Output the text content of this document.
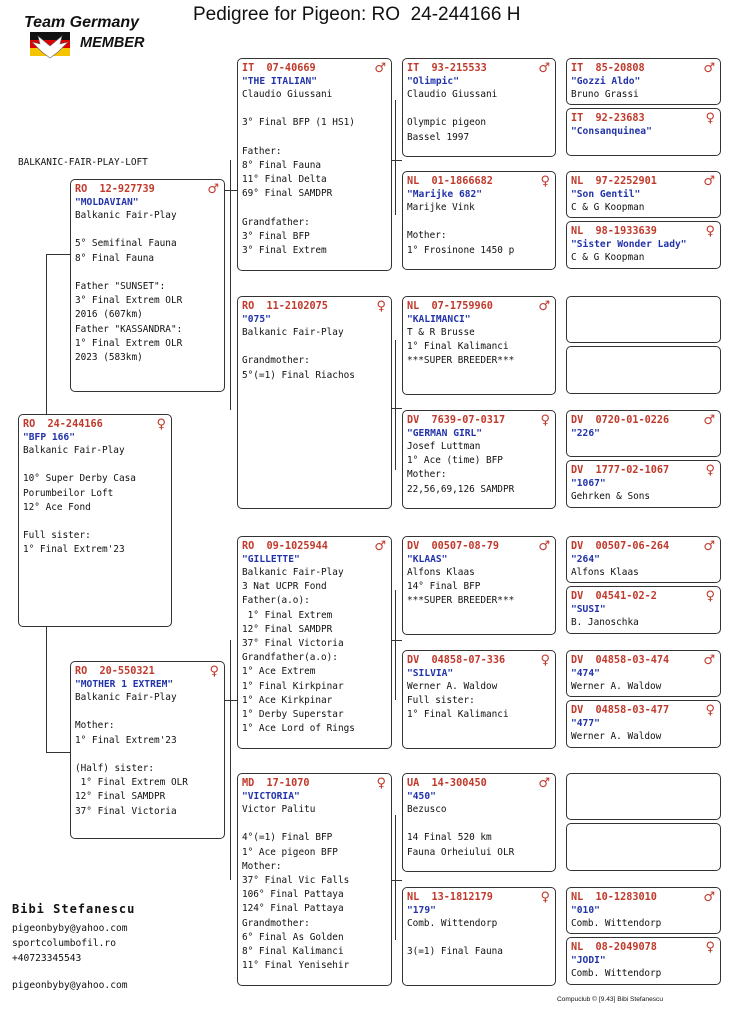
Team Germany
MEMBER
Pedigree for Pigeon: RO  24-244166 H
BALKANIC-FAIR-PLAY-LOFT
RO  24-244166	♀
"BFP 166"
Balkanic Fair-Play

10° Super Derby Casa
Porumbeilor Loft
12° Ace Fond

Full sister:
1° Final Extrem'23
RO  12-927739	♂
"MOLDAVIAN"
Balkanic Fair-Play

5° Semifinal Fauna
8° Final Fauna

Father "SUNSET":
3° Final Extrem OLR
2016 (607km)
Father "KASSANDRA":
1° Final Extrem OLR
2023 (583km)
RO  20-550321	♀
"MOTHER 1 EXTREM"
Balkanic Fair-Play

Mother:
1° Final Extrem'23

(Half) sister:
1° Final Extrem OLR
12° Final SAMDPR
37° Final Victoria
IT  07-40669	♂
"THE ITALIAN"
Claudio Giussani

3° Final BFP (1 HS1)

Father:
8° Final Fauna
11° Final Delta
69° Final SAMDPR

Grandfather:
3° Final BFP
3° Final Extrem
RO  11-2102075	♀
"075"
Balkanic Fair-Play

Grandmother:
5°(=1) Final Riachos
RO  09-1025944	♂
"GILLETTE"
Balkanic Fair-Play
3 Nat UCPR Fond
Father(a.o):
1° Final Extrem
12° Final SAMDPR
37° Final Victoria
Grandfather(a.o):
1° Ace Extrem
1° Final Kirkpinar
1° Ace Kirkpinar
1° Derby Superstar
1° Ace Lord of Rings
MD  17-1070	♀
"VICTORIA"
Victor Palitu

4°(=1) Final BFP
1° Ace pigeon BFP
Mother:
37° Final Vic Falls
106° Final Pattaya
124° Final Pattaya
Grandmother:
6° Final As Golden
8° Final Kalimanci
11° Final Yenisehir
IT  93-215533	♂
"Olimpic"
Claudio Giussani

Olympic pigeon
Bassel 1997
NL  01-1866682	♀
"Marijke 682"
Marijke Vink

Mother:
1° Frosinone 1450 p
NL  07-1759960	♂
"KALIMANCI"
T & R Brusse
1° Final Kalimanci
***SUPER BREEDER***
DV  7639-07-0317	♀
"GERMAN GIRL"
Josef Luttman
1° Ace (time) BFP
Mother:
22,56,69,126 SAMDPR
DV  00507-08-79	♂
"KLAAS"
Alfons Klaas
14° Final BFP
***SUPER BREEDER***
DV  04858-07-336	♀
"SILVIA"
Werner A. Waldow
Full sister:
1° Final Kalimanci
UA  14-300450	♂
"450"
Bezusco

14 Final 520 km
Fauna Orheiului OLR
NL  13-1812179	♀
"179"
Comb. Wittendorp

3(=1) Final Fauna
IT  85-20808	♂
"Gozzi Aldo"
Bruno Grassi
IT  92-23683	♀
"Consanquinea"
NL  97-2252901	♂
"Son Gentil"
C & G Koopman
NL  98-1933639	♀
"Sister Wonder Lady"
C & G Koopman
DV  0720-01-0226	♂
"226"
DV  1777-02-1067	♀
"1067"
Gehrken & Sons
DV  00507-06-264	♂
"264"
Alfons Klaas
DV  04541-02-2	♀
"SUSI"
B. Janoschka
DV  04858-03-474	♂
"474"
Werner A. Waldow
DV  04858-03-477	♀
"477"
Werner A. Waldow
NL  10-1283010	♂
"010"
Comb. Wittendorp
NL  08-2049078	♀
"JODI"
Comb. Wittendorp
Bibi Stefanescu
pigeonbyby@yahoo.com
sportcolumbofil.ro
+40723345543
pigeonbyby@yahoo.com
Compuclub © [9.43] Bibi Stefanescu
